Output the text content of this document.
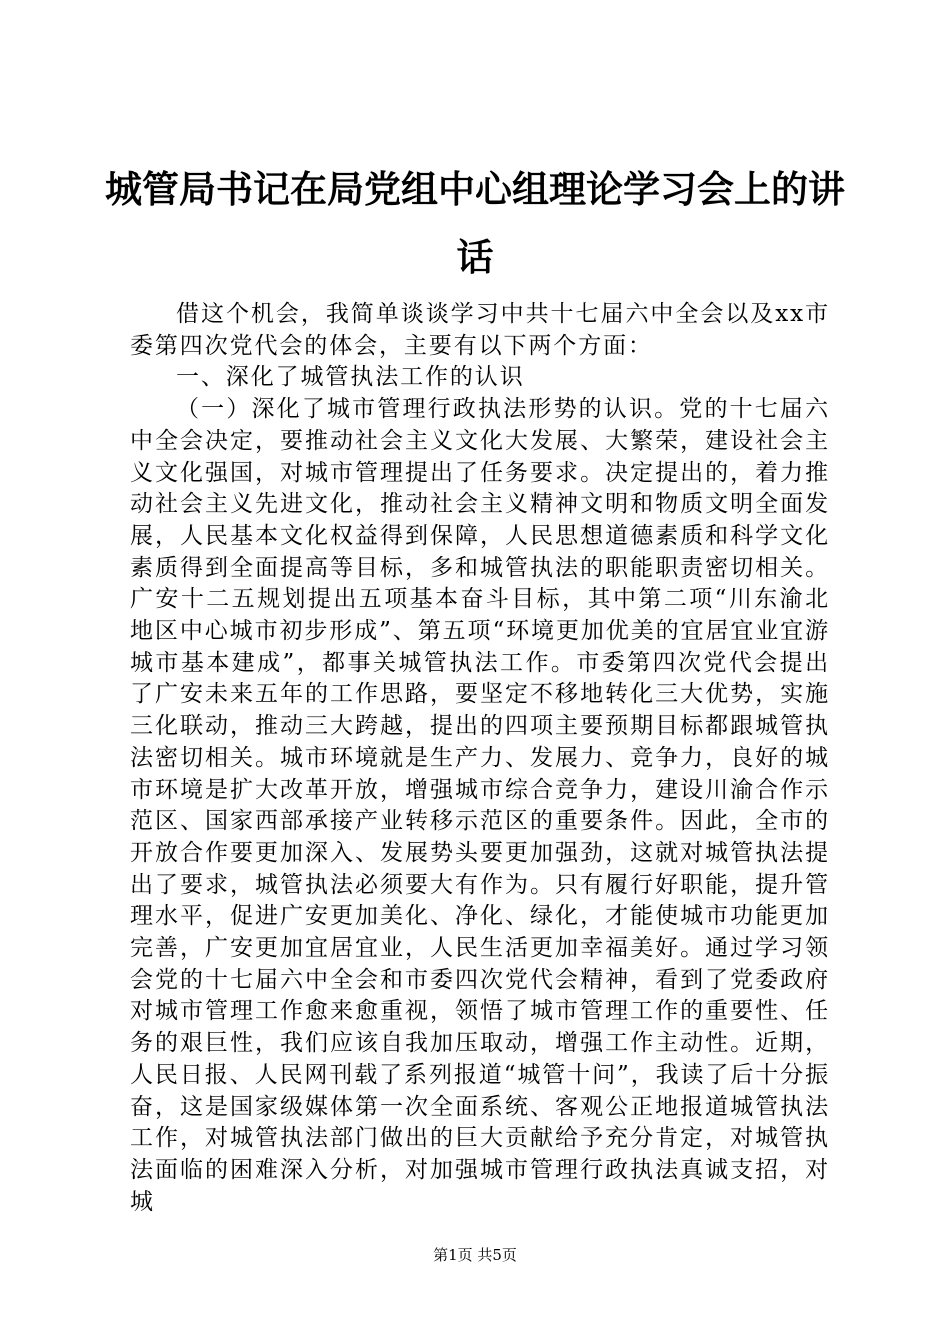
城管局书记在局党组中心组理论学习会上的讲
话

借这个机会，我简单谈谈学习中共十七届六中全会以及xx市委第四次党代会的体会，主要有以下两个方面：

一、深化了城管执法工作的认识

（一）深化了城市管理行政执法形势的认识。党的十七届六中全会决定，要推动社会主义文化大发展、大繁荣，建设社会主义文化强国，对城市管理提出了任务要求。决定提出的，着力推动社会主义先进文化，推动社会主义精神文明和物质文明全面发展，人民基本文化权益得到保障，人民思想道德素质和科学文化素质得到全面提高等目标，多和城管执法的职能职责密切相关。广安十二五规划提出五项基本奋斗目标，其中第二项“川东渝北地区中心城市初步形成”、第五项“环境更加优美的宜居宜业宜游城市基本建成”，都事关城管执法工作。市委第四次党代会提出了广安未来五年的工作思路，要坚定不移地转化三大优势，实施三化联动，推动三大跨越，提出的四项主要预期目标都跟城管执法密切相关。城市环境就是生产力、发展力、竞争力，良好的城市环境是扩大改革开放，增强城市综合竞争力，建设川渝合作示范区、国家西部承接产业转移示范区的重要条件。因此，全市的开放合作要更加深入、发展势头要更加强劲，这就对城管执法提出了要求，城管执法必须要大有作为。只有履行好职能，提升管理水平，促进广安更加美化、净化、绿化，才能使城市功能更加完善，广安更加宜居宜业，人民生活更加幸福美好。通过学习领会党的十七届六中全会和市委四次党代会精神，看到了党委政府对城市管理工作愈来愈重视，领悟了城市管理工作的重要性、任务的艰巨性，我们应该自我加压取动，增强工作主动性。近期，人民日报、人民网刊载了系列报道“城管十问”，我读了后十分振奋，这是国家级媒体第一次全面系统、客观公正地报道城管执法工作，对城管执法部门做出的巨大贡献给予充分肯定，对城管执法面临的困难深入分析，对加强城市管理行政执法真诚支招，对城

第1页 共5页
